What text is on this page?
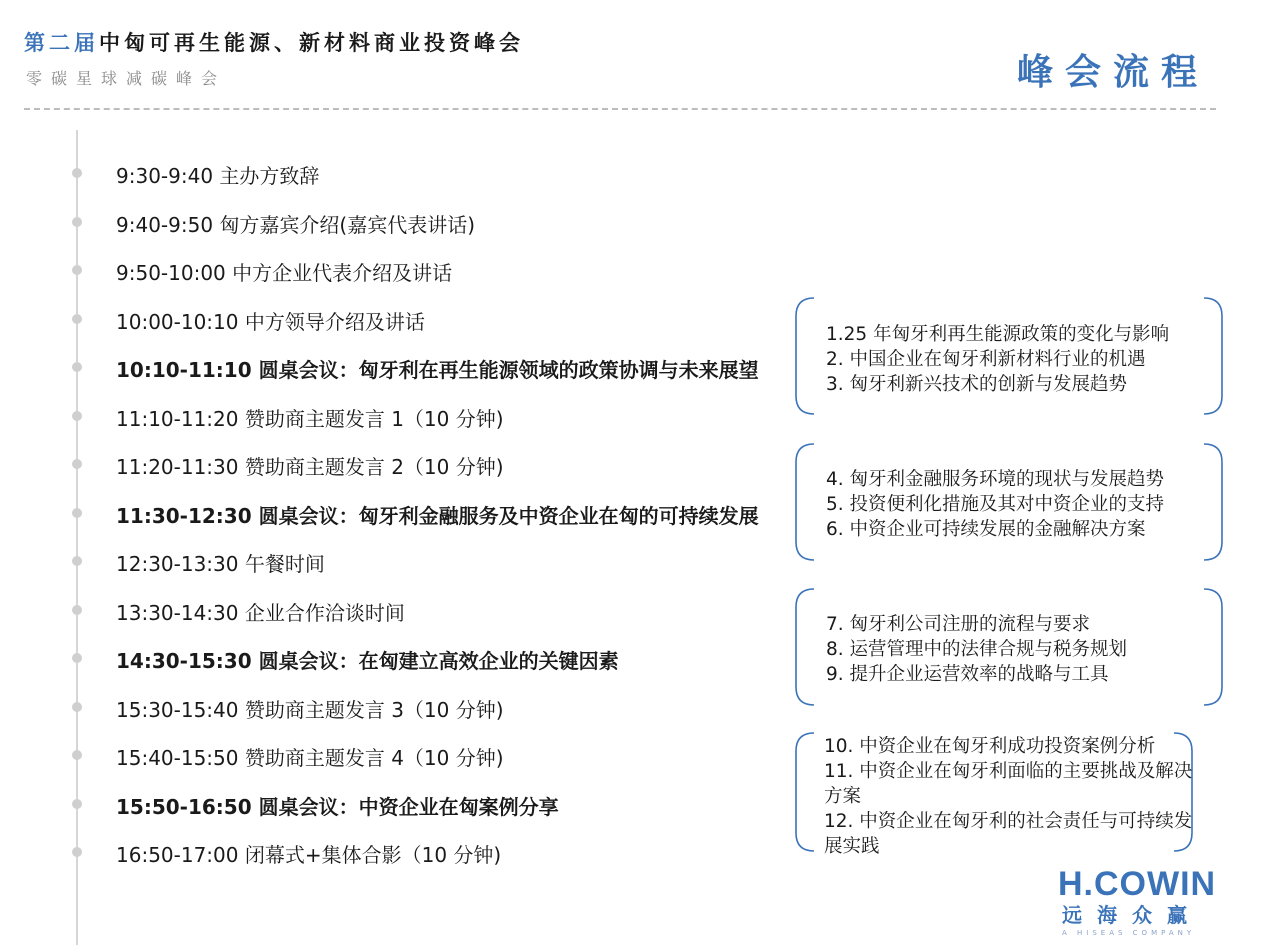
第二届中匈可再生能源、新材料商业投资峰会
零碳星球减碳峰会	峰会流程
9:30-9:40 主办方致辞
9:40-9:50 匈方嘉宾介绍(嘉宾代表讲话)
9:50-10:00 中方企业代表介绍及讲话
10:00-10:10 中方领导介绍及讲话
10:10-11:10 圆桌会议：匈牙利在再生能源领域的政策协调与未来展望
11:10-11:20 赞助商主题发言 1（10 分钟)
11:20-11:30 赞助商主题发言 2（10 分钟)
11:30-12:30 圆桌会议：匈牙利金融服务及中资企业在匈的可持续发展
12:30-13:30 午餐时间
13:30-14:30 企业合作洽谈时间
14:30-15:30 圆桌会议：在匈建立高效企业的关键因素
15:30-15:40 赞助商主题发言 3（10 分钟)
15:40-15:50 赞助商主题发言 4（10 分钟)
15:50-16:50 圆桌会议：中资企业在匈案例分享
16:50-17:00 闭幕式+集体合影（10 分钟)
1.25 年匈牙利再生能源政策的变化与影响
2. 中国企业在匈牙利新材料行业的机遇
3. 匈牙利新兴技术的创新与发展趋势
4. 匈牙利金融服务环境的现状与发展趋势
5. 投资便利化措施及其对中资企业的支持
6. 中资企业可持续发展的金融解决方案
7. 匈牙利公司注册的流程与要求
8. 运营管理中的法律合规与税务规划
9. 提升企业运营效率的战略与工具
10. 中资企业在匈牙利成功投资案例分析
11. 中资企业在匈牙利面临的主要挑战及解决方案
12. 中资企业在匈牙利的社会责任与可持续发展实践
H.COWIN
远海众赢
A HISEAS COMPANY
